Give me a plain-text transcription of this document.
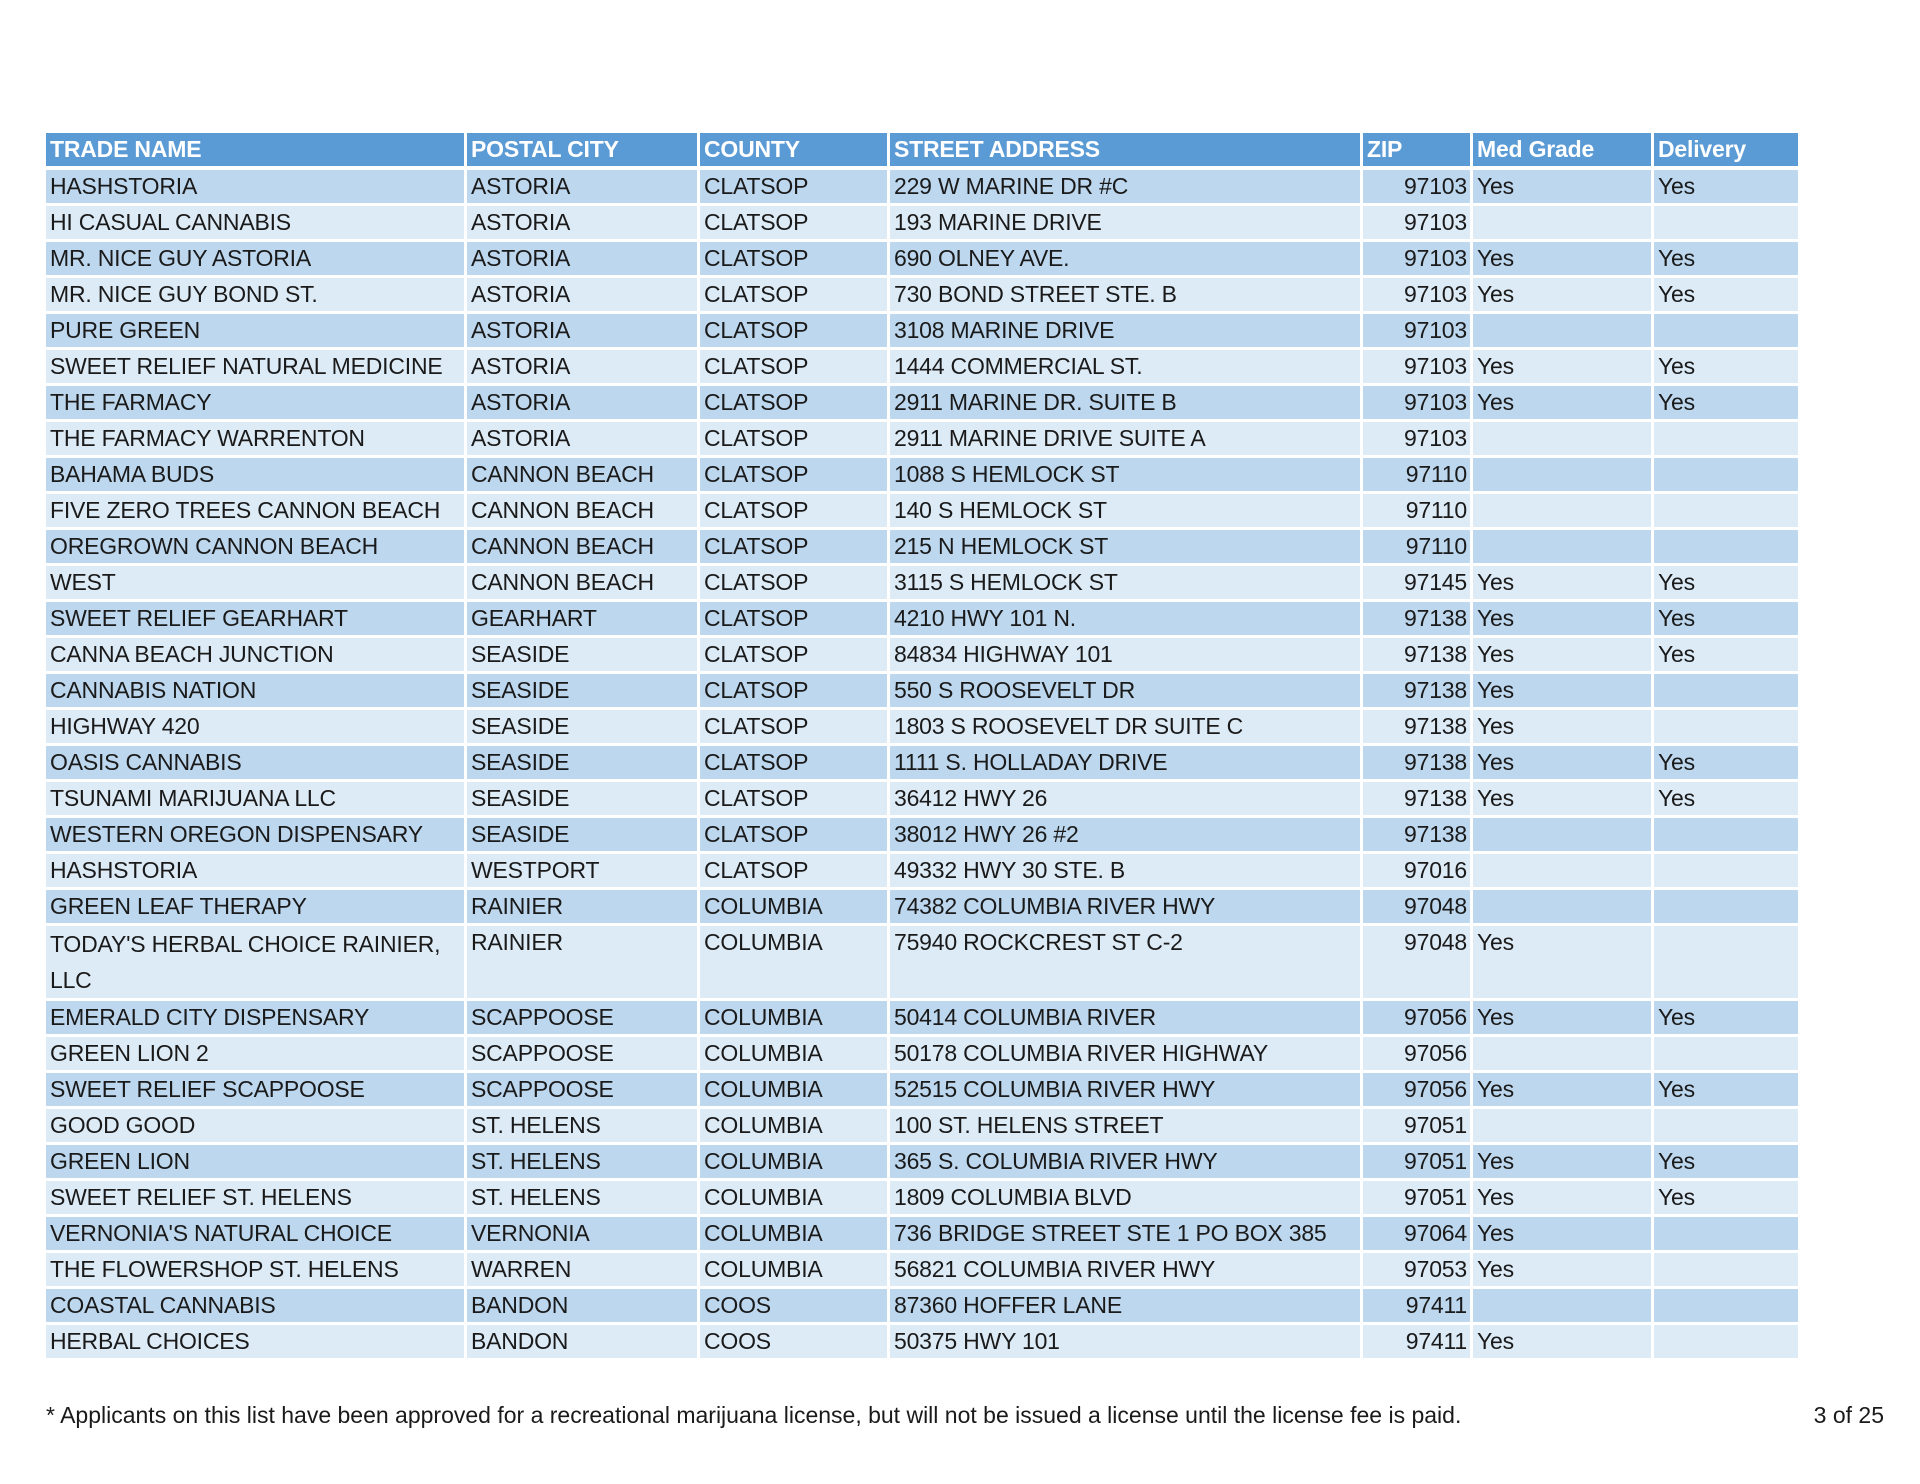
TRADE NAME	POSTAL CITY	COUNTY	STREET ADDRESS	ZIP	Med Grade	Delivery
HASHSTORIA	ASTORIA	CLATSOP	229 W MARINE DR #C	97103	Yes	Yes
HI CASUAL CANNABIS	ASTORIA	CLATSOP	193 MARINE DRIVE	97103		
MR. NICE GUY ASTORIA	ASTORIA	CLATSOP	690 OLNEY AVE.	97103	Yes	Yes
MR. NICE GUY BOND ST.	ASTORIA	CLATSOP	730 BOND STREET STE. B	97103	Yes	Yes
PURE GREEN	ASTORIA	CLATSOP	3108 MARINE DRIVE	97103		
SWEET RELIEF NATURAL MEDICINE	ASTORIA	CLATSOP	1444 COMMERCIAL ST.	97103	Yes	Yes
THE FARMACY	ASTORIA	CLATSOP	2911 MARINE DR. SUITE B	97103	Yes	Yes
THE FARMACY WARRENTON	ASTORIA	CLATSOP	2911 MARINE DRIVE SUITE A	97103		
BAHAMA BUDS	CANNON BEACH	CLATSOP	1088 S HEMLOCK ST	97110		
FIVE ZERO TREES CANNON BEACH	CANNON BEACH	CLATSOP	140 S HEMLOCK ST	97110		
OREGROWN CANNON BEACH	CANNON BEACH	CLATSOP	215 N HEMLOCK ST	97110		
WEST	CANNON BEACH	CLATSOP	3115 S HEMLOCK ST	97145	Yes	Yes
SWEET RELIEF GEARHART	GEARHART	CLATSOP	4210 HWY 101 N.	97138	Yes	Yes
CANNA BEACH JUNCTION	SEASIDE	CLATSOP	84834 HIGHWAY 101	97138	Yes	Yes
CANNABIS NATION	SEASIDE	CLATSOP	550 S ROOSEVELT DR	97138	Yes	
HIGHWAY 420	SEASIDE	CLATSOP	1803 S ROOSEVELT DR SUITE C	97138	Yes	
OASIS CANNABIS	SEASIDE	CLATSOP	1111 S. HOLLADAY DRIVE	97138	Yes	Yes
TSUNAMI MARIJUANA LLC	SEASIDE	CLATSOP	36412 HWY 26	97138	Yes	Yes
WESTERN OREGON DISPENSARY	SEASIDE	CLATSOP	38012 HWY 26 #2	97138		
HASHSTORIA	WESTPORT	CLATSOP	49332 HWY 30 STE. B	97016		
GREEN LEAF THERAPY	RAINIER	COLUMBIA	74382 COLUMBIA RIVER HWY	97048		
TODAY'S HERBAL CHOICE RAINIER, LLC	RAINIER	COLUMBIA	75940 ROCKCREST ST C-2	97048	Yes	
EMERALD CITY DISPENSARY	SCAPPOOSE	COLUMBIA	50414 COLUMBIA RIVER	97056	Yes	Yes
GREEN LION 2	SCAPPOOSE	COLUMBIA	50178 COLUMBIA RIVER HIGHWAY	97056		
SWEET RELIEF SCAPPOOSE	SCAPPOOSE	COLUMBIA	52515 COLUMBIA RIVER HWY	97056	Yes	Yes
GOOD GOOD	ST. HELENS	COLUMBIA	100 ST. HELENS STREET	97051		
GREEN LION	ST. HELENS	COLUMBIA	365 S. COLUMBIA RIVER HWY	97051	Yes	Yes
SWEET RELIEF ST. HELENS	ST. HELENS	COLUMBIA	1809 COLUMBIA BLVD	97051	Yes	Yes
VERNONIA'S NATURAL CHOICE	VERNONIA	COLUMBIA	736 BRIDGE STREET STE 1 PO BOX 385	97064	Yes	
THE FLOWERSHOP ST. HELENS	WARREN	COLUMBIA	56821 COLUMBIA RIVER HWY	97053	Yes	
COASTAL CANNABIS	BANDON	COOS	87360 HOFFER LANE	97411		
HERBAL CHOICES	BANDON	COOS	50375 HWY 101	97411	Yes	
* Applicants on this list have been approved for a recreational marijuana license, but will not be issued a license until the license fee is paid.	3 of 25
